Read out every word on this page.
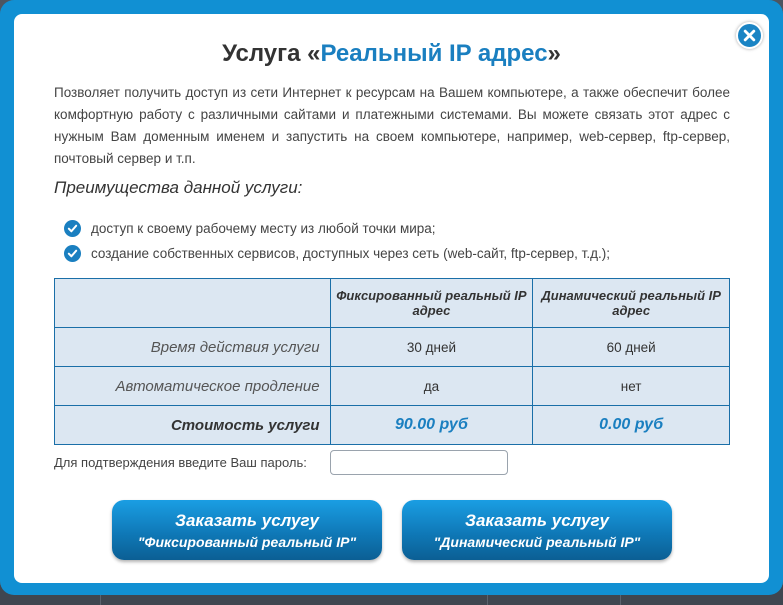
Услуга «Реальный IP адрес»

Позволяет получить доступ из сети Интернет к ресурсам на Вашем компьютере, а также обеспечит более комфортную работу с различными сайтами и платежными системами. Вы можете связать этот адрес с нужным Вам доменным именем и запустить на своем компьютере, например, web-сервер, ftp-сервер, почтовый сервер и т.п.

Преимущества данной услуги:
доступ к своему рабочему месту из любой точки мира;
создание собственных сервисов, доступных через сеть (web-сайт, ftp-сервер, т.д.);
	Фиксированный реальный IP адрес	Динамический реальный IP адрес
Время действия услуги	30 дней	60 дней
Автоматическое продление	да	нет
Стоимость услуги	90.00 руб	0.00 руб
Для подтверждения введите Ваш пароль:
Заказать услугу
"Фиксированный реальный IP"
Заказать услугу
"Динамический реальный IP"
